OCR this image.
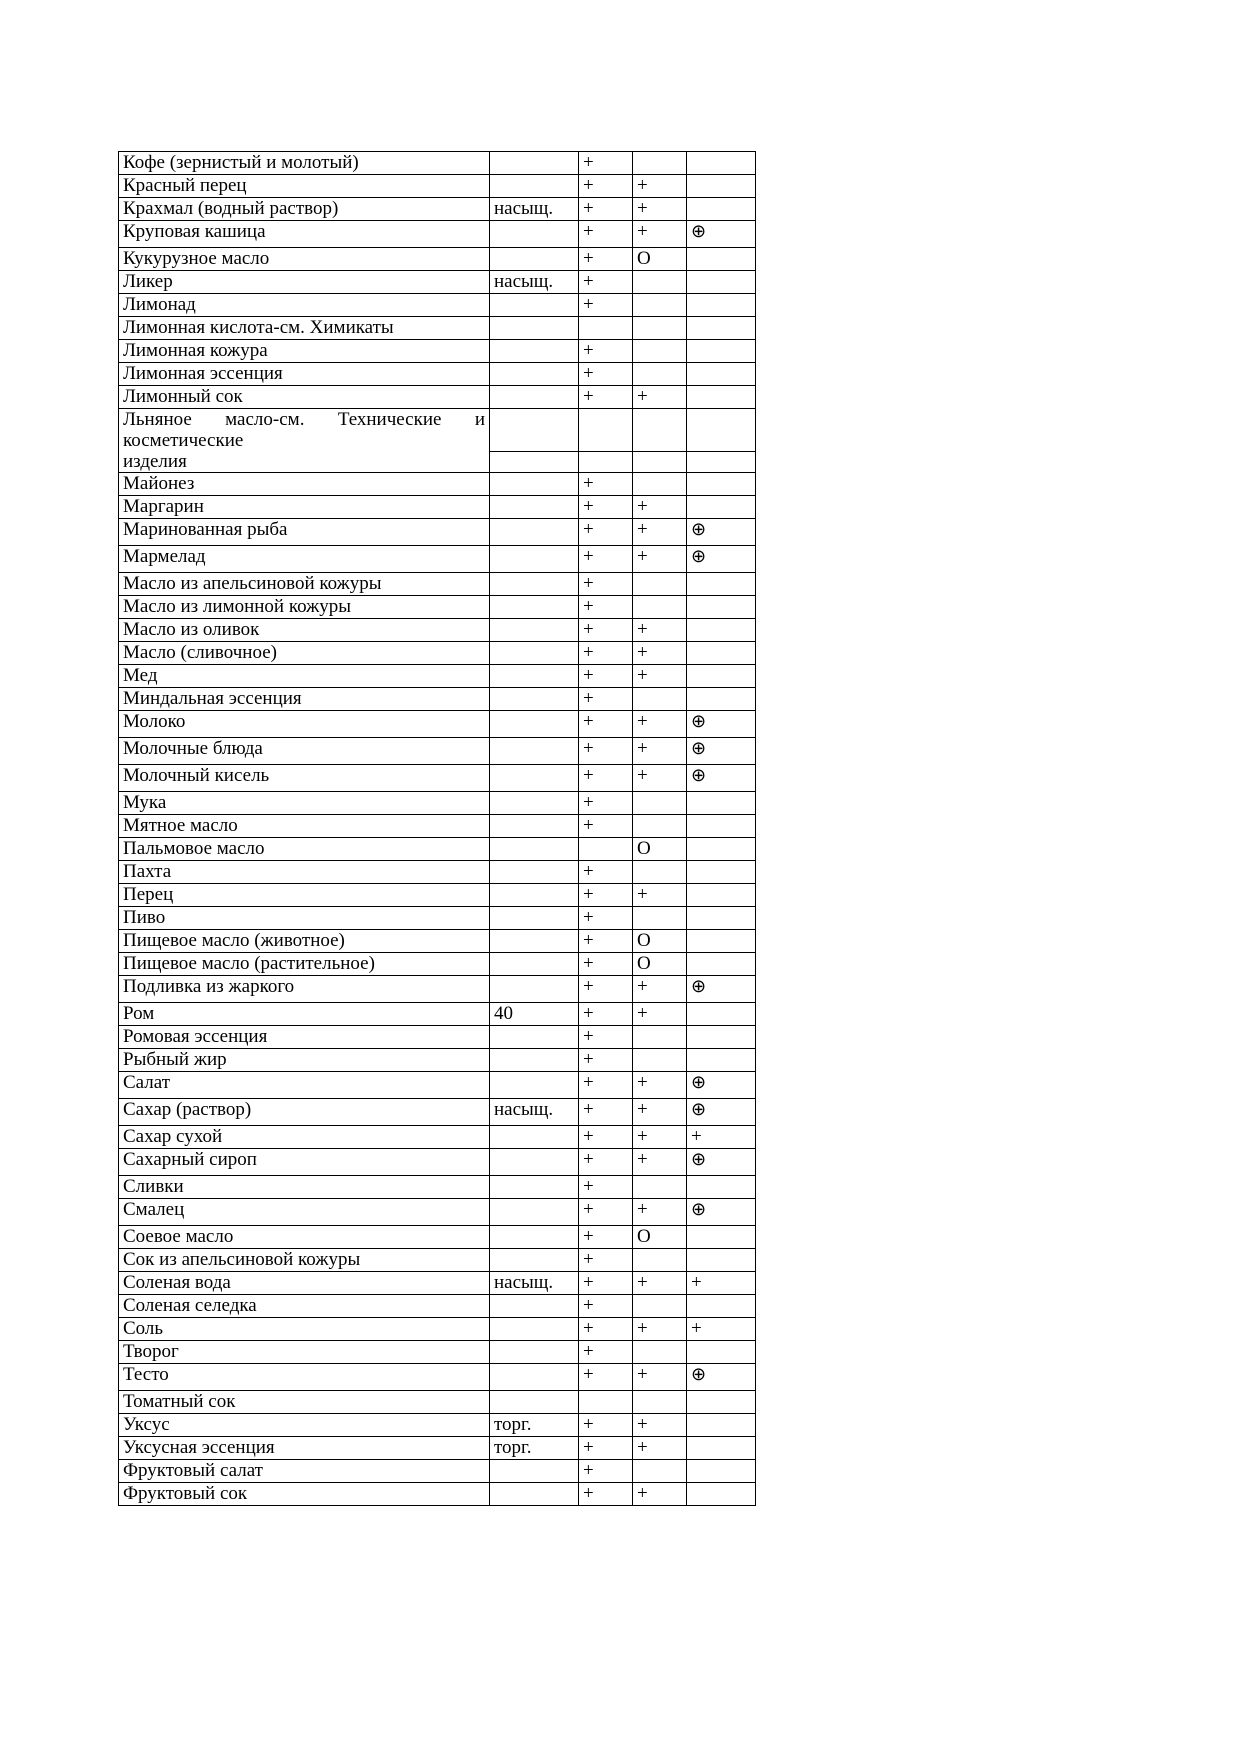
Кофе (зернистый и молотый)		+		
Красный перец		+	+	
Крахмал (водный раствор)	насыщ.	+	+	
Круповая кашица		+	+	⊕
Кукурузное масло		+	O	
Ликер	насыщ.	+		
Лимонад		+		
Лимонная кислота-см. Химикаты				
Лимонная кожура		+		
Лимонная эссенция		+		
Лимонный сок		+	+	
Льняное масло-см. Технические и косметические
изделия				

Майонез		+		
Маргарин		+	+	
Маринованная рыба		+	+	⊕
Мармелад		+	+	⊕
Масло из апельсиновой кожуры		+		
Масло из лимонной кожуры		+		
Масло из оливок		+	+	
Масло (сливочное)		+	+	
Мед		+	+	
Миндальная эссенция		+		
Молоко		+	+	⊕
Молочные блюда		+	+	⊕
Молочный кисель		+	+	⊕
Мука		+		
Мятное масло		+		
Пальмовое масло			O	
Пахта		+		
Перец		+	+	
Пиво		+		
Пищевое масло (животное)		+	O	
Пищевое масло (растительное)		+	O	
Подливка из жаркого		+	+	⊕
Ром	40	+	+	
Ромовая эссенция		+		
Рыбный жир		+		
Салат		+	+	⊕
Сахар (раствор)	насыщ.	+	+	⊕
Сахар сухой		+	+	+
Сахарный сироп		+	+	⊕
Сливки		+		
Смалец		+	+	⊕
Соевое масло		+	O	
Сок из апельсиновой кожуры		+		
Соленая вода	насыщ.	+	+	+
Соленая селедка		+		
Соль		+	+	+
Творог		+		
Тесто		+	+	⊕
Томатный сок				
Уксус	торг.	+	+	
Уксусная эссенция	торг.	+	+	
Фруктовый салат		+		
Фруктовый сок		+	+	
